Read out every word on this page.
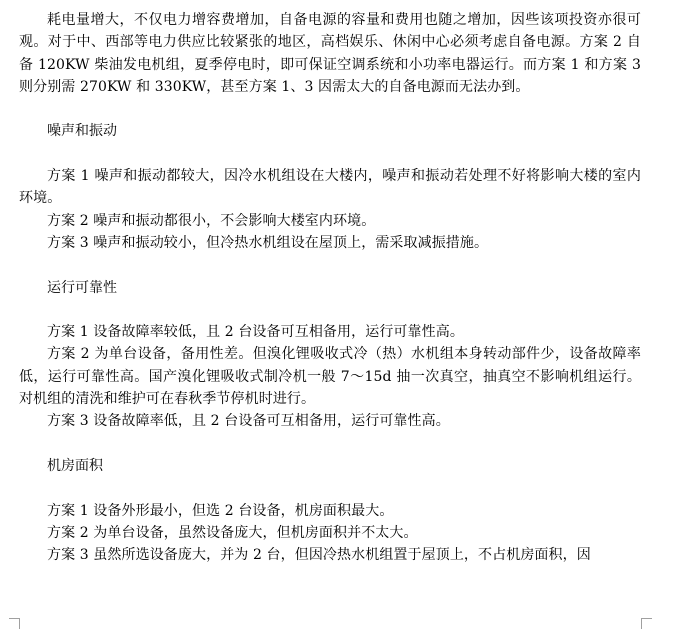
耗电量增大，不仅电力增容费增加，自备电源的容量和费用也随之增加，因些该项投资亦很可观。对于中、西部等电力供应比较紧张的地区，高档娱乐、休闲中心必须考虑自备电源。方案 2 自备 120KW 柴油发电机组，夏季停电时，即可保证空调系统和小功率电器运行。而方案 1 和方案 3 则分别需 270KW 和 330KW，甚至方案 1、3 因需太大的自备电源而无法办到。

噪声和振动

方案 1 噪声和振动都较大，因冷水机组设在大楼内，噪声和振动若处理不好将影响大楼的室内环境。

方案 2 噪声和振动都很小，不会影响大楼室内环境。

方案 3 噪声和振动较小，但冷热水机组设在屋顶上，需采取减振措施。

运行可靠性

方案 1 设备故障率较低，且 2 台设备可互相备用，运行可靠性高。

方案 2 为单台设备，备用性差。但溴化锂吸收式冷（热）水机组本身转动部件少，设备故障率低，运行可靠性高。国产溴化锂吸收式制冷机一般 7～15d 抽一次真空，抽真空不影响机组运行。对机组的清洗和维护可在春秋季节停机时进行。

方案 3 设备故障率低，且 2 台设备可互相备用，运行可靠性高。

机房面积

方案 1 设备外形最小，但选 2 台设备，机房面积最大。

方案 2 为单台设备，虽然设备庞大，但机房面积并不太大。

方案 3 虽然所选设备庞大，并为 2 台，但因冷热水机组置于屋顶上，不占机房面积，因
